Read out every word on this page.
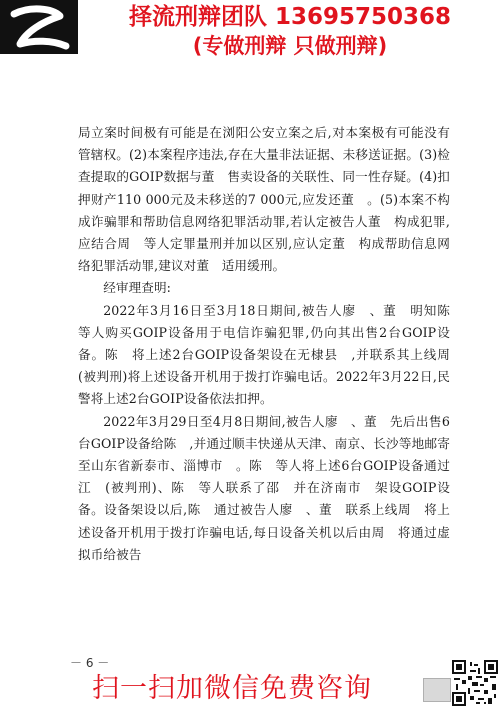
择流刑辩团队 13695750368
(专做刑辩 只做刑辩)

局立案时间极有可能是在浏阳公安立案之后,对本案极有可能没有管辖权。(2)本案程序违法,存在大量非法证据、未移送证据。(3)检查提取的GOIP数据与董　售卖设备的关联性、同一性存疑。(4)扣押财产110 000元及未移送的7 000元,应发还董　。(5)本案不构成诈骗罪和帮助信息网络犯罪活动罪,若认定被告人董　构成犯罪,应结合周　等人定罪量刑并加以区别,应认定董　构成帮助信息网络犯罪活动罪,建议对董　适用缓刑。

经审理查明:

2022年3月16日至3月18日期间,被告人廖　、董　明知陈　等人购买GOIP设备用于电信诈骗犯罪,仍向其出售2台GOIP设备。陈　将上述2台GOIP设备架设在无棣县　,并联系其上线周　(被判刑)将上述设备开机用于拨打诈骗电话。2022年3月22日,民警将上述2台GOIP设备依法扣押。

2022年3月29日至4月8日期间,被告人廖　、董　先后出售6台GOIP设备给陈　,并通过顺丰快递从天津、南京、长沙等地邮寄至山东省新泰市、淄博市　。陈　等人将上述6台GOIP设备通过江　(被判刑)、陈　等人联系了邵　并在济南市　架设GOIP设备。设备架设以后,陈　通过被告人廖　、董　联系上线周　将上述设备开机用于拨打诈骗电话,每日设备关机以后由周　将通过虚拟币给被告

－ 6 －
扫一扫加微信免费咨询
